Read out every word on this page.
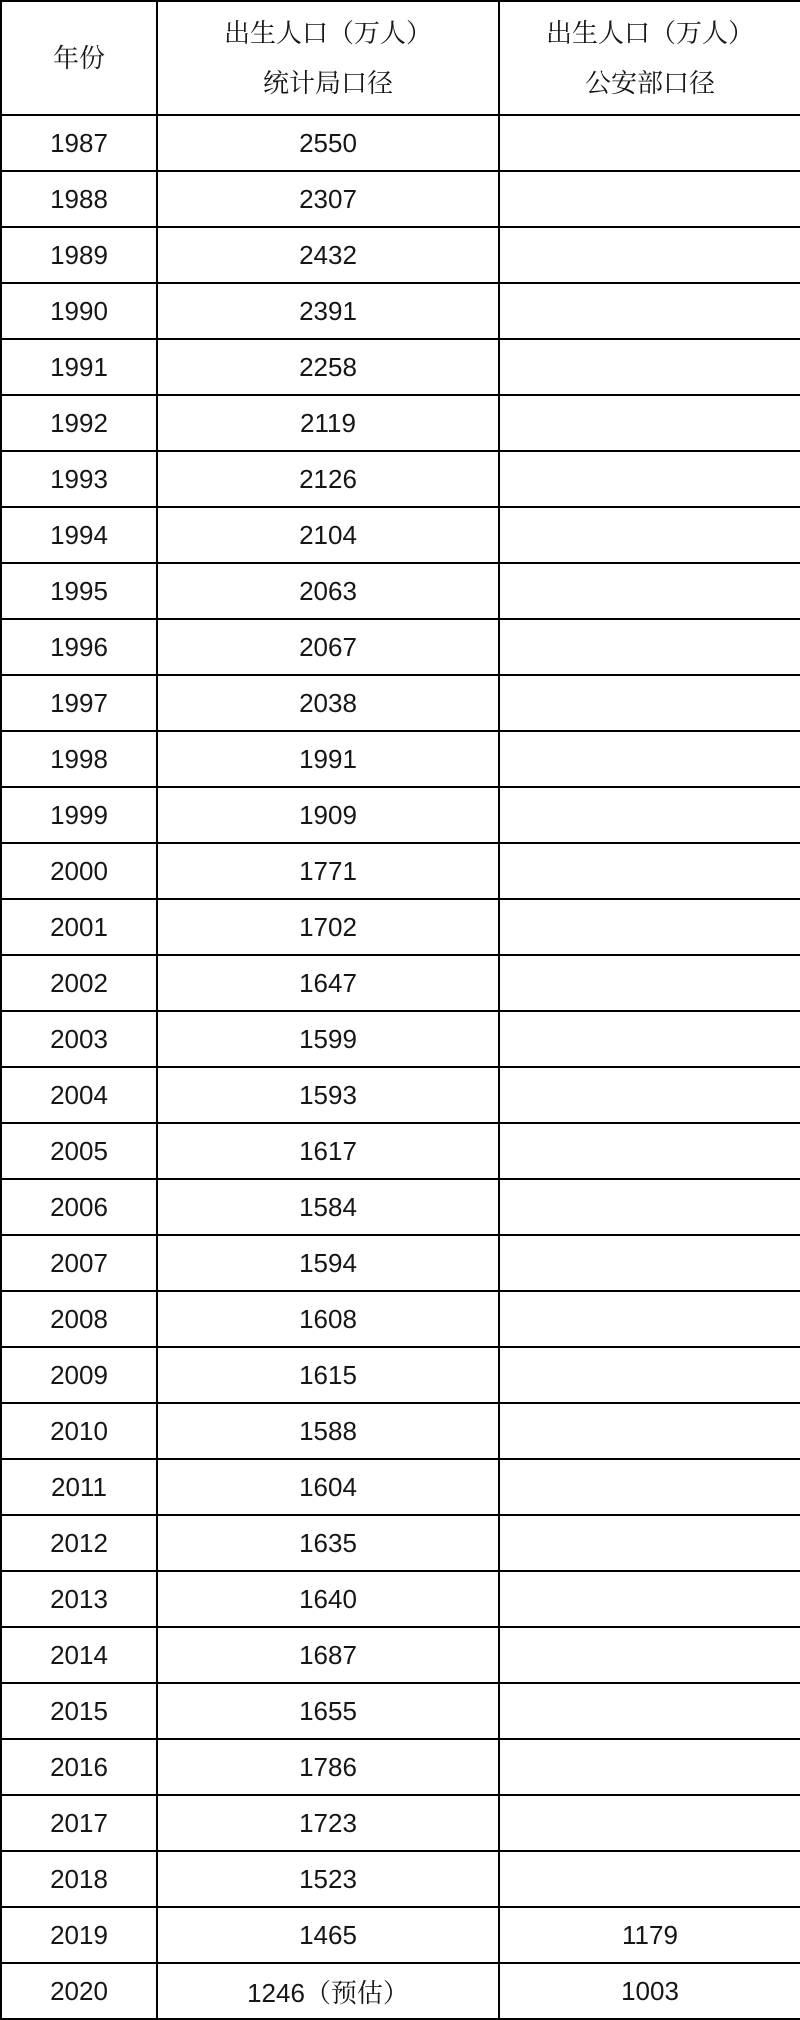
年份

出生人口（万人）
统计局口径

出生人口（万人）
公安部口径

1987	2550	
1988	2307	
1989	2432	
1990	2391	
1991	2258	
1992	2119	
1993	2126	
1994	2104	
1995	2063	
1996	2067	
1997	2038	
1998	1991	
1999	1909	
2000	1771	
2001	1702	
2002	1647	
2003	1599	
2004	1593	
2005	1617	
2006	1584	
2007	1594	
2008	1608	
2009	1615	
2010	1588	
2011	1604	
2012	1635	
2013	1640	
2014	1687	
2015	1655	
2016	1786	
2017	1723	
2018	1523	
2019	1465	1179
2020	1246（预估）	1003
